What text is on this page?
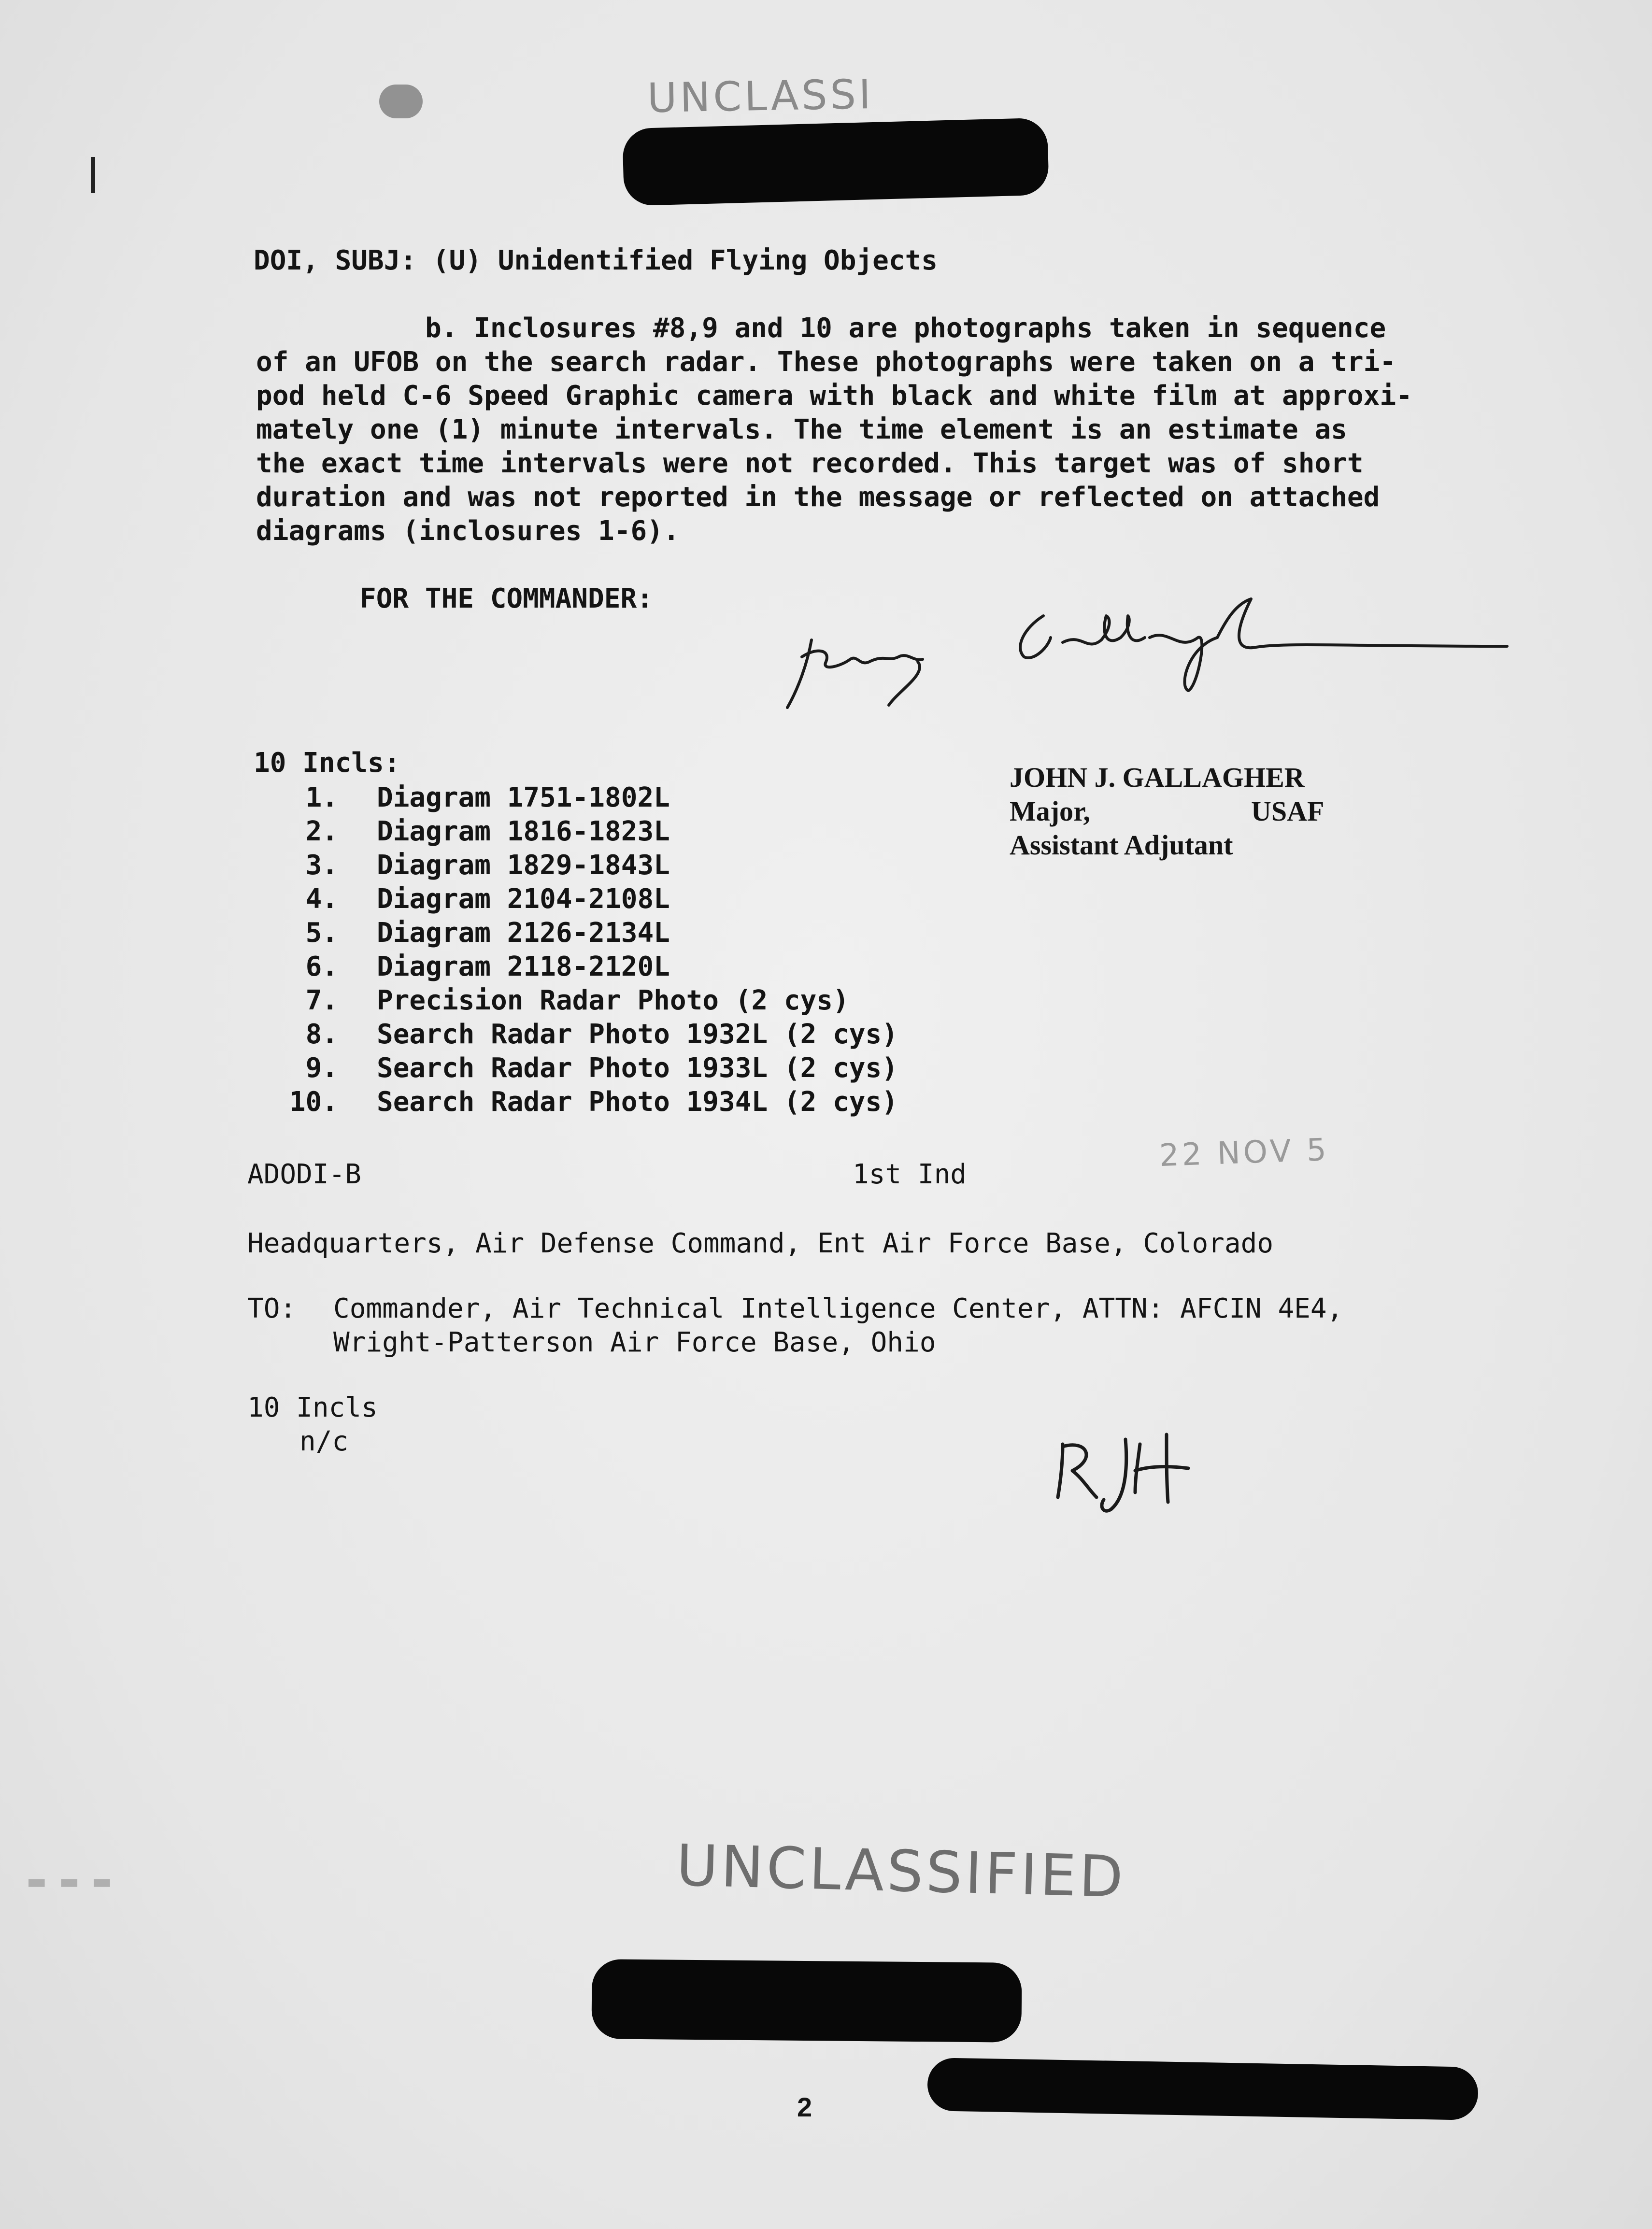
UNCLASSI
DOI, SUBJ: (U) Unidentified Flying Objects
b. Inclosures #8,9 and 10 are photographs taken in sequence
of an UFOB on the search radar. These photographs were taken on a tri-
pod held C-6 Speed Graphic camera with black and white film at approxi-
mately one (1) minute intervals. The time element is an estimate as
the exact time intervals were not recorded. This target was of short
duration and was not reported in the message or reflected on attached
diagrams (inclosures 1-6).
FOR THE COMMANDER:
10 Incls:
1. Diagram 1751-1802L
2. Diagram 1816-1823L
3. Diagram 1829-1843L
4. Diagram 2104-2108L
5. Diagram 2126-2134L
6. Diagram 2118-2120L
7. Precision Radar Photo (2 cys)
8. Search Radar Photo 1932L (2 cys)
9. Search Radar Photo 1933L (2 cys)
10. Search Radar Photo 1934L (2 cys)
JOHN J. GALLAGHER
Major,	USAF
Assistant Adjutant
ADODI-B	1st Ind
22 NOV 5
Headquarters, Air Defense Command, Ent Air Force Base, Colorado
TO: Commander, Air Technical Intelligence Center, ATTN: AFCIN 4E4,
Wright-Patterson Air Force Base, Ohio
10 Incls
n/c
UNCLASSIFIED
▬ ▬ ▬
2
